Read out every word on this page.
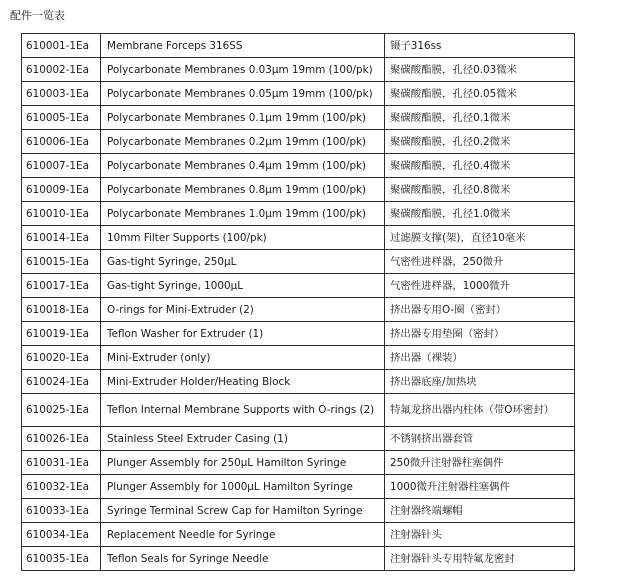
配件一览表
610001-1Ea	Membrane Forceps 316SS	镊子316ss
610002-1Ea	Polycarbonate Membranes 0.03µm 19mm (100/pk)	聚碳酸酯膜，孔径0.03微米
610003-1Ea	Polycarbonate Membranes 0.05µm 19mm (100/pk)	聚碳酸酯膜，孔径0.05微米
610005-1Ea	Polycarbonate Membranes 0.1µm 19mm (100/pk)	聚碳酸酯膜，孔径0.1微米
610006-1Ea	Polycarbonate Membranes 0.2µm 19mm (100/pk)	聚碳酸酯膜，孔径0.2微米
610007-1Ea	Polycarbonate Membranes 0.4µm 19mm (100/pk)	聚碳酸酯膜，孔径0.4微米
610009-1Ea	Polycarbonate Membranes 0.8µm 19mm (100/pk)	聚碳酸酯膜，孔径0.8微米
610010-1Ea	Polycarbonate Membranes 1.0µm 19mm (100/pk)	聚碳酸酯膜，孔径1.0微米
610014-1Ea	10mm Filter Supports (100/pk)	过滤膜支撑(架)，直径10毫米
610015-1Ea	Gas-tight Syringe, 250µL	气密性进样器，250微升
610017-1Ea	Gas-tight Syringe, 1000µL	气密性进样器，1000微升
610018-1Ea	O-rings for Mini-Extruder (2)	挤出器专用O-圈（密封）
610019-1Ea	Teflon Washer for Extruder (1)	挤出器专用垫圈（密封）
610020-1Ea	Mini-Extruder (only)	挤出器（裸装）
610024-1Ea	Mini-Extruder Holder/Heating Block	挤出器底座/加热块
610025-1Ea	Teflon Internal Membrane Supports with O-rings (2)	特氟龙挤出器内柱体（带O环密封）
610026-1Ea	Stainless Steel Extruder Casing (1)	不锈钢挤出器套管
610031-1Ea	Plunger Assembly for 250µL Hamilton Syringe	250微升注射器柱塞偶件
610032-1Ea	Plunger Assembly for 1000µL Hamilton Syringe	1000微升注射器柱塞偶件
610033-1Ea	Syringe Terminal Screw Cap for Hamilton Syringe	注射器终端螺帽
610034-1Ea	Replacement Needle for Syringe	注射器针头
610035-1Ea	Teflon Seals for Syringe Needle	注射器针头专用特氟龙密封
